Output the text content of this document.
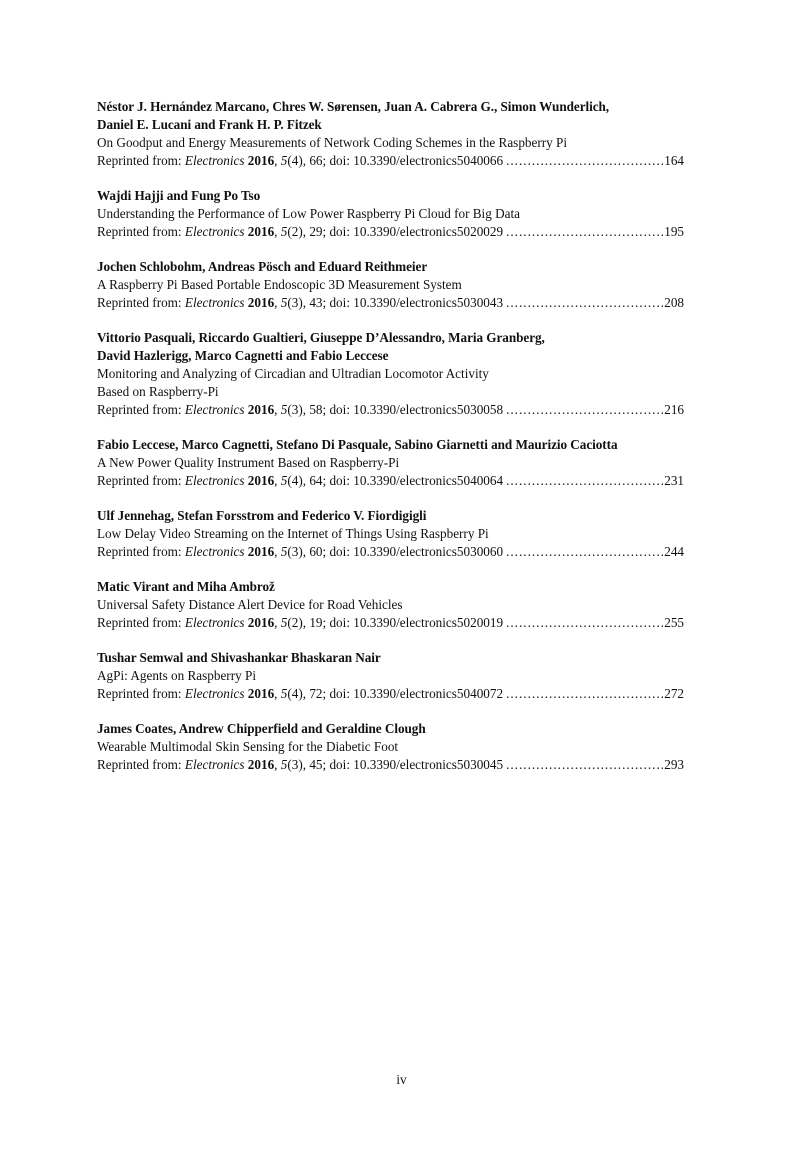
Néstor J. Hernández Marcano, Chres W. Sørensen, Juan A. Cabrera G., Simon Wunderlich,
Daniel E. Lucani and Frank H. P. Fitzek
On Goodput and Energy Measurements of Network Coding Schemes in the Raspberry Pi
Reprinted from:
Electronics
2016 , 5 (4), 66; doi: 10.3390/electronics5040066 .....	164
Wajdi Hajji and Fung Po Tso
Understanding the Performance of Low Power Raspberry Pi Cloud for Big Data
Reprinted from:
Electronics
2016 , 5 (2), 29; doi: 10.3390/electronics5020029 .....	195
Jochen Schlobohm, Andreas Pösch and Eduard Reithmeier
A Raspberry Pi Based Portable Endoscopic 3D Measurement System
Reprinted from:
Electronics
2016 , 5 (3), 43; doi: 10.3390/electronics5030043 .....	208
Vittorio Pasquali, Riccardo Gualtieri, Giuseppe D’Alessandro, Maria Granberg,
David Hazlerigg, Marco Cagnetti and Fabio Leccese
Monitoring and Analyzing of Circadian and Ultradian Locomotor Activity
Based on Raspberry-Pi
Reprinted from:
Electronics
2016 , 5 (3), 58; doi: 10.3390/electronics5030058 .....	216
Fabio Leccese, Marco Cagnetti, Stefano Di Pasquale, Sabino Giarnetti and Maurizio Caciotta
A New Power Quality Instrument Based on Raspberry-Pi
Reprinted from:
Electronics
2016 , 5 (4), 64; doi: 10.3390/electronics5040064 .....	231
Ulf Jennehag, Stefan Forsstrom and Federico V. Fiordigigli
Low Delay Video Streaming on the Internet of Things Using Raspberry Pi
Reprinted from:
Electronics
2016 , 5 (3), 60; doi: 10.3390/electronics5030060 .....	244
Matic Virant and Miha Ambrož
Universal Safety Distance Alert Device for Road Vehicles
Reprinted from:
Electronics
2016 , 5 (2), 19; doi: 10.3390/electronics5020019 .....	255
Tushar Semwal and Shivashankar Bhaskaran Nair
AgPi: Agents on Raspberry Pi
Reprinted from:
Electronics
2016 , 5 (4), 72; doi: 10.3390/electronics5040072 .....	272
James Coates, Andrew Chipperfield and Geraldine Clough
Wearable Multimodal Skin Sensing for the Diabetic Foot
Reprinted from:
Electronics
2016 , 5 (3), 45; doi: 10.3390/electronics5030045 .....	293
iv
